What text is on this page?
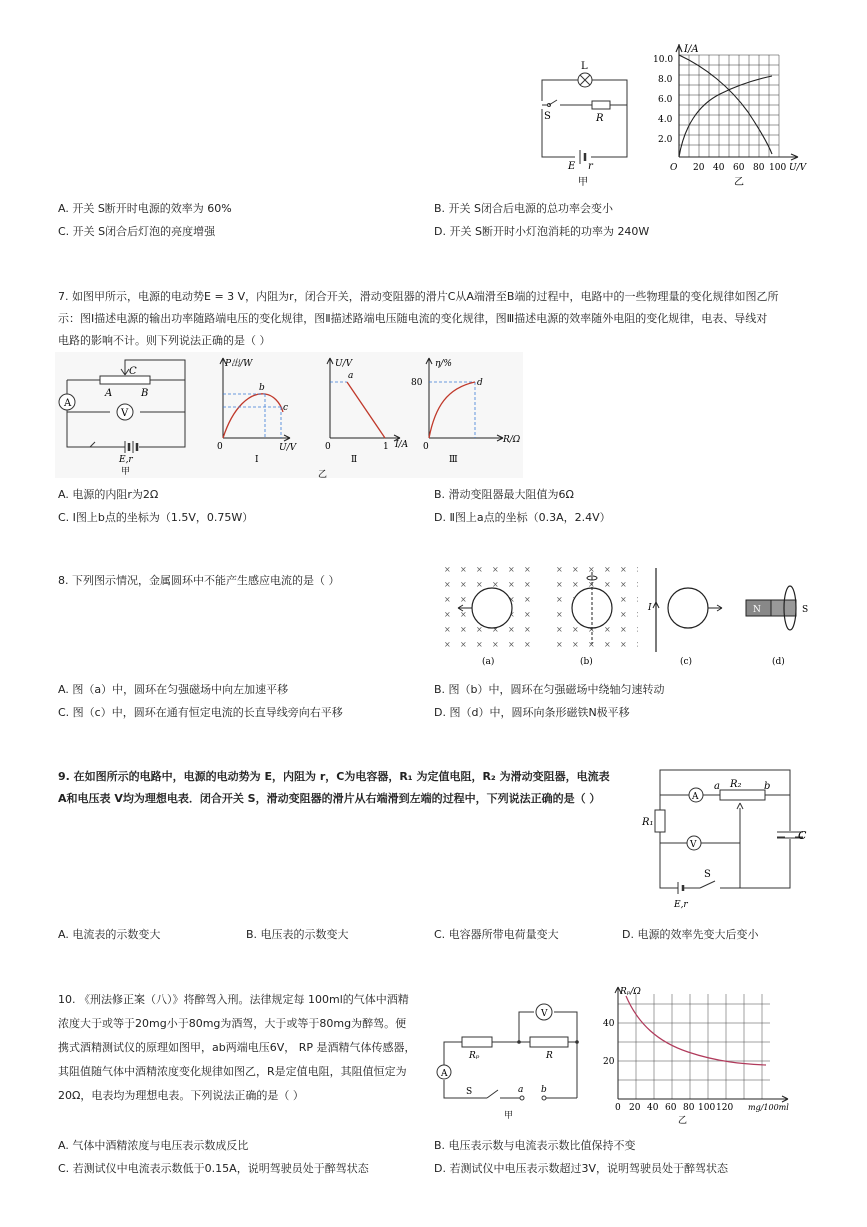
L
S	R
E r
甲
I/A
10.0
8.0
6.0
4.0
2.0
O 20 40 60 80 100 U/V
乙
A. 开关 S断开时电源的效率为 60%	B. 开关 S闭合后电源的总功率会变小
C. 开关 S闭合后灯泡的亮度增强	D. 开关 S断开时小灯泡消耗的功率为 240W
7. 如图甲所示，电源的电动势E = 3 V，内阻为r，闭合开关，滑动变阻器的滑片C从A端滑至B端的过程中，电路中的一些物理量的变化规律如图乙所
示：图Ⅰ描述电源的输出功率随路端电压的变化规律，图Ⅱ描述路端电压随电流的变化规律，图Ⅲ描述电源的效率随外电阻的变化规律，电表、导线对
电路的影响不计。则下列说法正确的是（ ）
A
V
C
A	B
E,r
甲
P出/W
b
c
0	U/V
Ⅰ
U/V
a
0	1 I/A
Ⅱ
η/%
80	d
0
R/Ω
Ⅲ
乙
A. 电源的内阻r为2Ω	B. 滑动变阻器最大阻值为6Ω
C. Ⅰ图上b点的坐标为（1.5V，0.75W）	D. Ⅱ图上a点的坐标（0.3A，2.4V）
8. 下列图示情况，金属圆环中不能产生感应电流的是（ ）
(a)	(b)
I
(c)
N	S
(d)
A. 图（a）中，圆环在匀强磁场中向左加速平移	B. 图（b）中，圆环在匀强磁场中绕轴匀速转动
C. 图（c）中，圆环在通有恒定电流的长直导线旁向右平移	D. 图（d）中，圆环向条形磁铁N极平移
9. 在如图所示的电路中，电源的电动势为 E，内阻为 r，C为电容器，R₁ 为定值电阻，R₂ 为滑动变阻器，电流表
A和电压表 V均为理想电表．闭合开关 S，滑动变阻器的滑片从右端滑到左端的过程中，下列说法正确的是（ ）	A
V
a R₂ b
R₁
C
S
E,r
A. 电流表的示数变大	B. 电压表的示数变大	C. 电容器所带电荷量变大	D. 电源的效率先变大后变小
10. 《刑法修正案（八）》将醉驾入刑。法律规定每 100ml的气体中酒精
浓度大于或等于20mg小于80mg为酒驾，大于或等于80mg为醉驾。便
携式酒精测试仪的原理如图甲，ab两端电压6V， RP 是酒精气体传感器，
其阻值随气体中酒精浓度变化规律如图乙，R是定值电阻，其阻值恒定为
20Ω，电表均为理想电表。下列说法正确的是（ ）
A
V
Rₚ	R
S	a b
甲
Rₚ/Ω
40
20
0 20 40 60 80 100 120 mg/100ml
乙
A. 气体中酒精浓度与电压表示数成反比	B. 电压表示数与电流表示数比值保持不变
C. 若测试仪中电流表示数低于0.15A，说明驾驶员处于醉驾状态	D. 若测试仪中电压表示数超过3V，说明驾驶员处于醉驾状态
